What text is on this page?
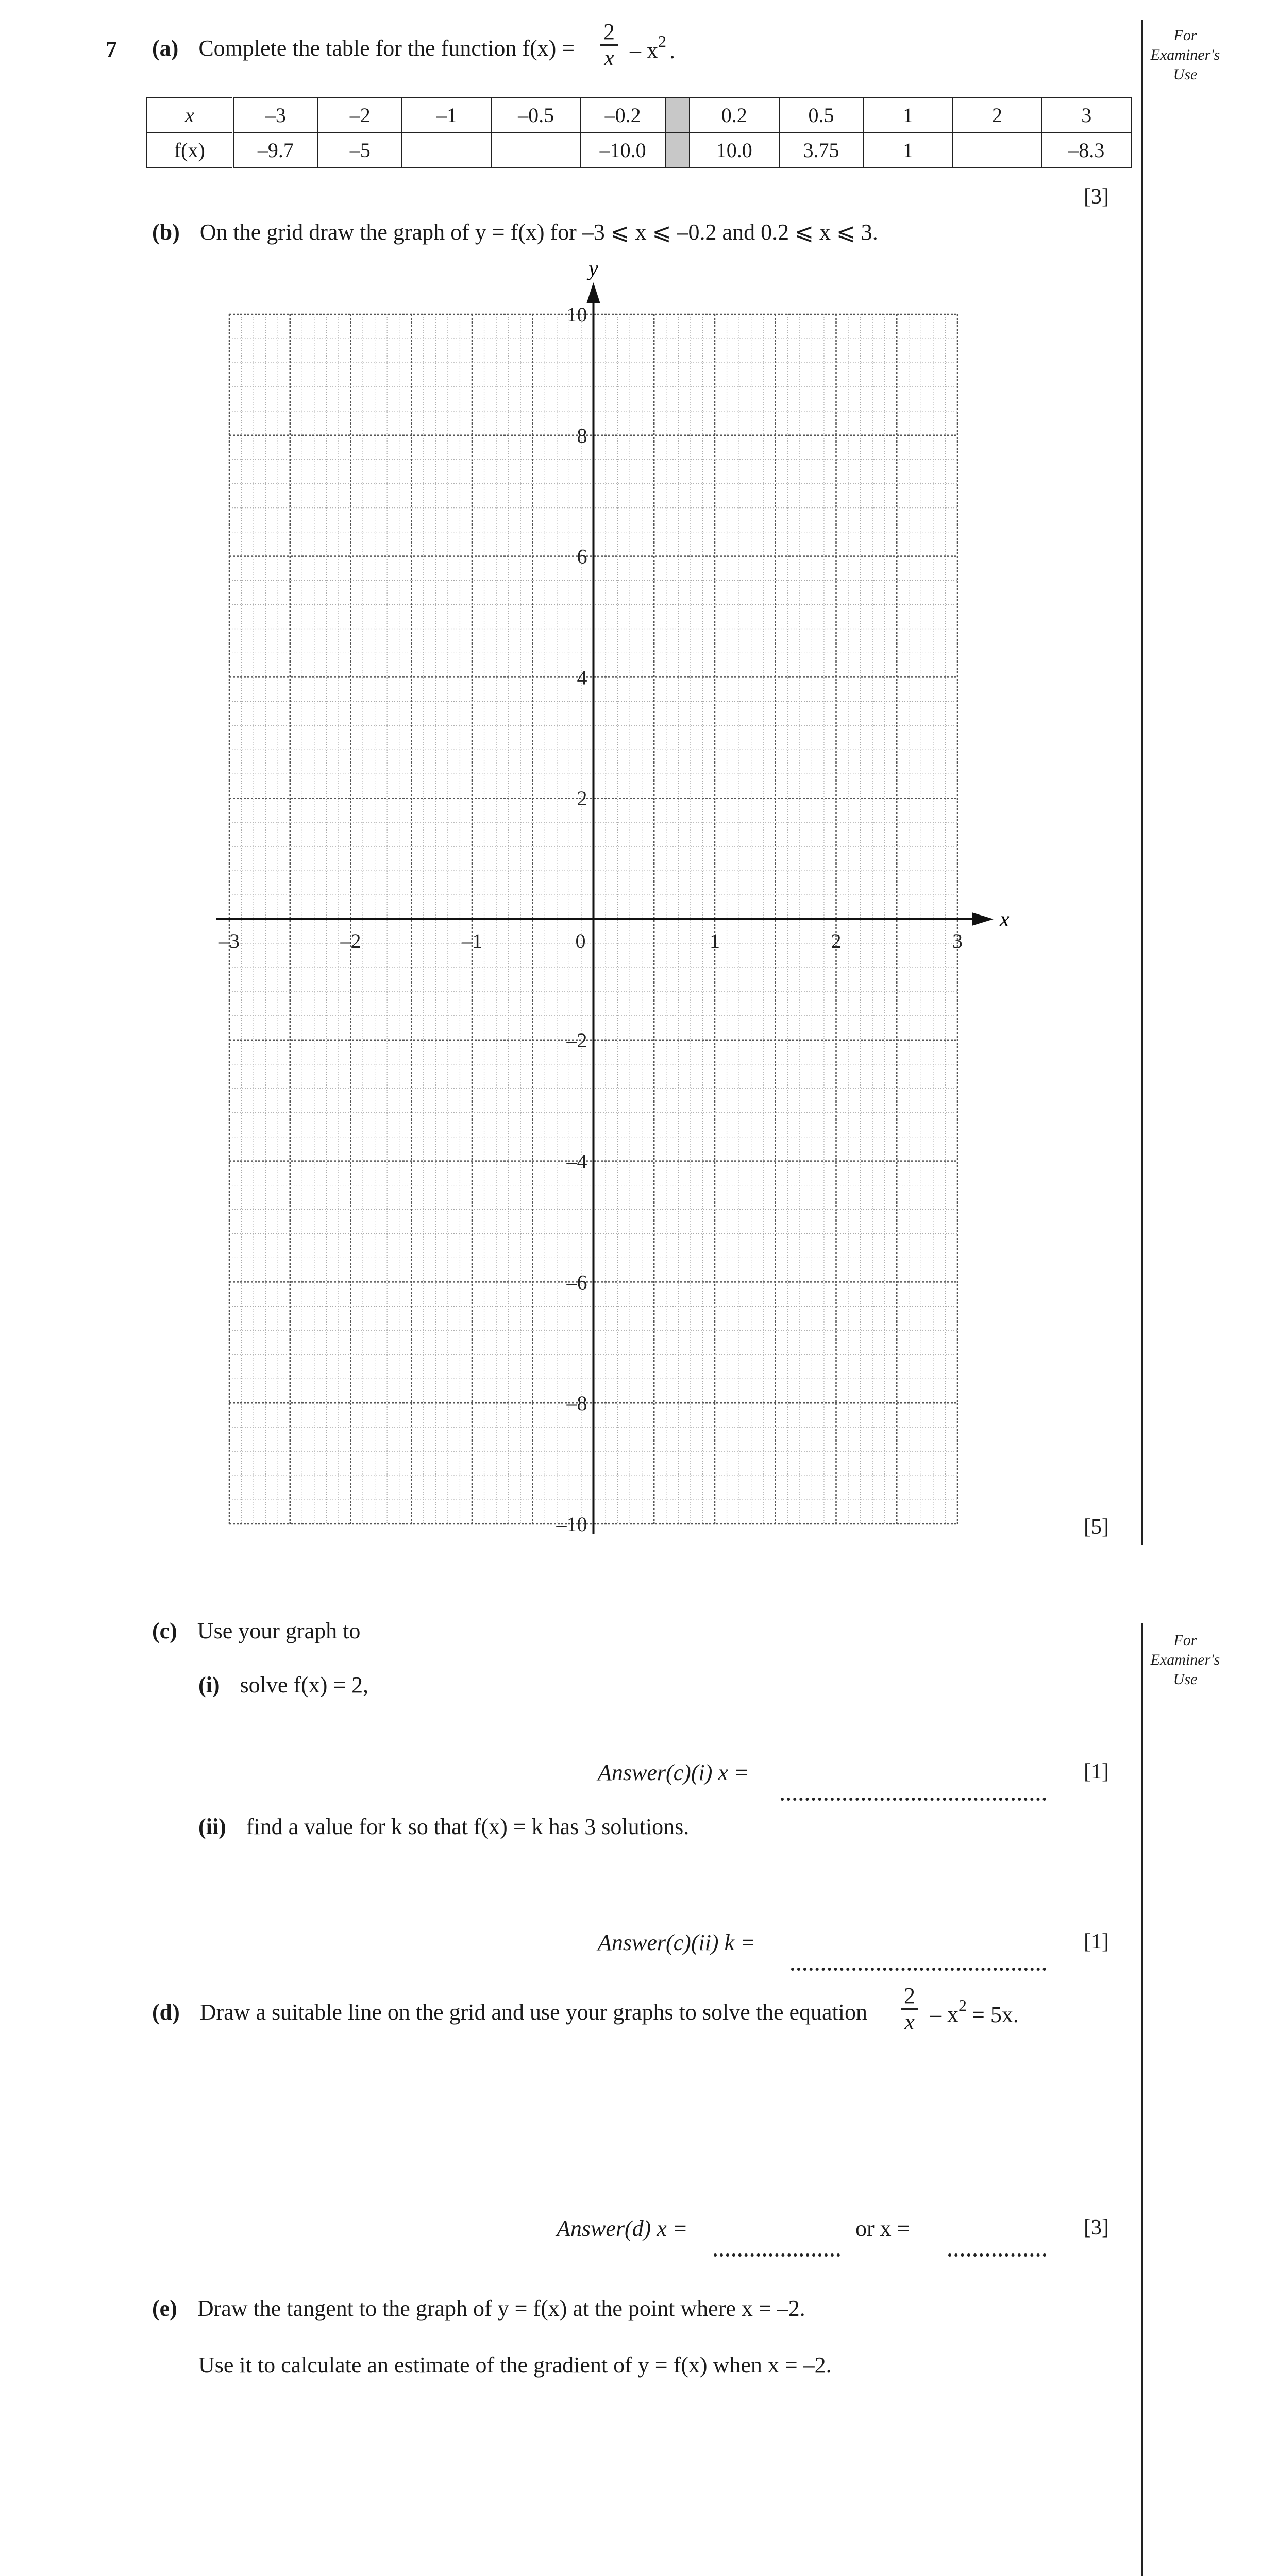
7 (a) Complete the table for the function $f(x) = \frac{2}{x} - x^2$ .
For Examiner's Use
For Examiner's Use
x	–3	–2	–1	–0.5	–0.2		0.2	0.5	1	2	3
f(x)	–9.7	–5			–10.0		10.0	3.75	1		–8.3
[3]
(b) On the grid draw the graph of y = f(x) for –3 ⩽ x ⩽ –0.2 and 0.2 ⩽ x ⩽ 3.
x
y
–3	–2	–1	0	1	2	3
10
8
6
4
2
–2
–4
–6
–8
–10	[5]
(c) Use your graph to
(i) solve f(x) = 2,
Answer(c)(i) x =	[1]
(ii) find a value for k so that f(x) = k has 3 solutions.
Answer(c)(ii) k =	[1]
(d) Draw a suitable line on the grid and use your graphs to solve the equation $\frac{2}{x} - x^2 = 5x$.
Answer(d) x =	or x =	[3]
(e) Draw the tangent to the graph of y = f(x) at the point where x = –2.
Use it to calculate an estimate of the gradient of y = f(x) when x = –2.
